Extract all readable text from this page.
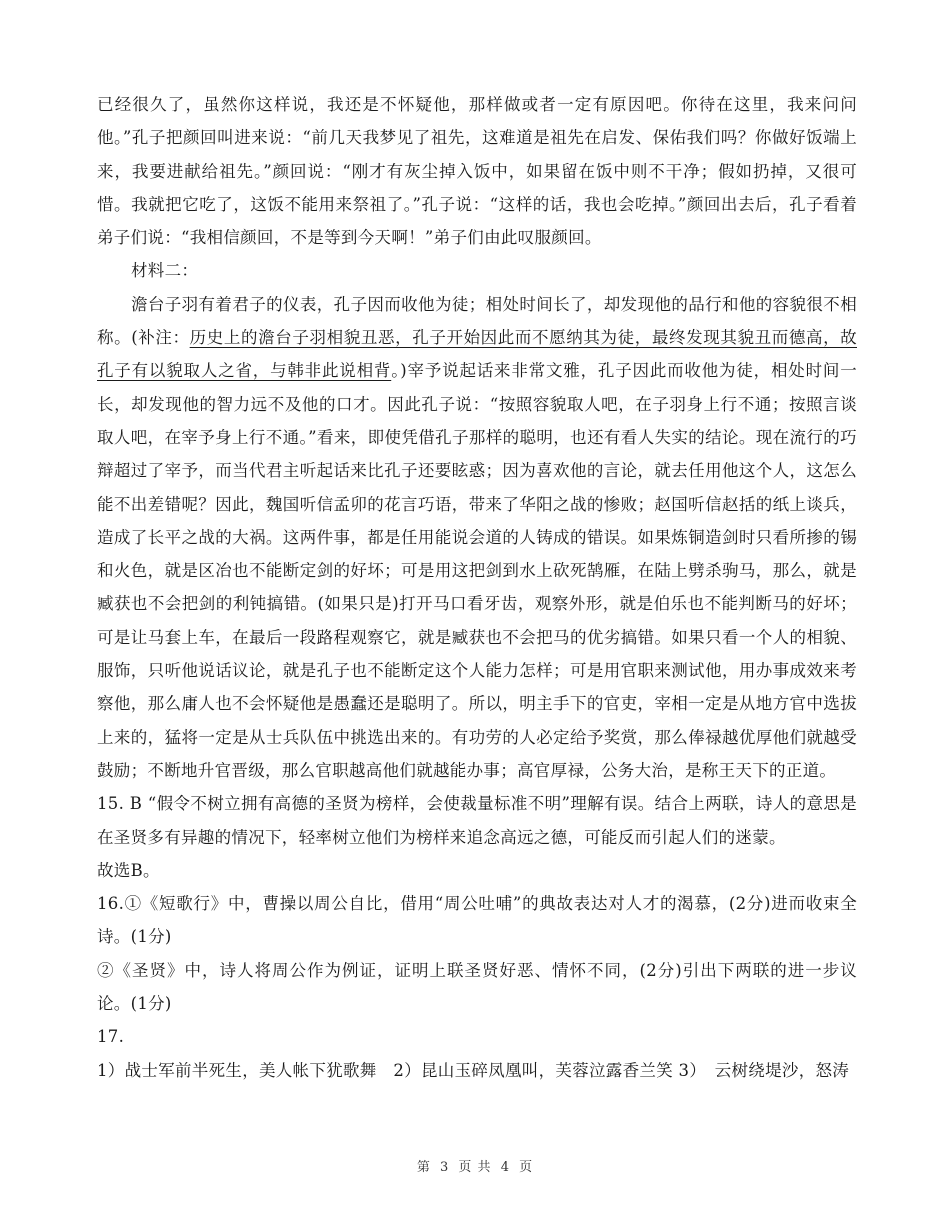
已经很久了，虽然你这样说，我还是不怀疑他，那样做或者一定有原因吧。你待在这里，我来问问他。”孔子把颜回叫进来说：“前几天我梦见了祖先，这难道是祖先在启发、保佑我们吗？你做好饭端上来，我要进献给祖先。”颜回说：“刚才有灰尘掉入饭中，如果留在饭中则不干净；假如扔掉，又很可惜。我就把它吃了，这饭不能用来祭祖了。”孔子说：“这样的话，我也会吃掉。”颜回出去后，孔子看着弟子们说：“我相信颜回，不是等到今天啊！”弟子们由此叹服颜回。

材料二：

澹台子羽有着君子的仪表，孔子因而收他为徒；相处时间长了，却发现他的品行和他的容貌很不相称。(补注：历史上的澹台子羽相貌丑恶，孔子开始因此而不愿纳其为徒，最终发现其貌丑而德高，故孔子有以貌取人之省，与韩非此说相背。)宰予说起话来非常文雅，孔子因此而收他为徒，相处时间一长，却发现他的智力远不及他的口才。因此孔子说：“按照容貌取人吧，在子羽身上行不通；按照言谈取人吧，在宰予身上行不通。”看来，即使凭借孔子那样的聪明，也还有看人失实的结论。现在流行的巧辩超过了宰予，而当代君主听起话来比孔子还要眩惑；因为喜欢他的言论，就去任用他这个人，这怎么能不出差错呢？因此，魏国听信孟卯的花言巧语，带来了华阳之战的惨败；赵国听信赵括的纸上谈兵，造成了长平之战的大祸。这两件事，都是任用能说会道的人铸成的错误。如果炼铜造剑时只看所掺的锡和火色，就是区冶也不能断定剑的好坏；可是用这把剑到水上砍死鹄雁，在陆上劈杀驹马，那么，就是臧获也不会把剑的利钝搞错。(如果只是)打开马口看牙齿，观察外形，就是伯乐也不能判断马的好坏；可是让马套上车，在最后一段路程观察它，就是臧获也不会把马的优劣搞错。如果只看一个人的相貌、服饰，只听他说话议论，就是孔子也不能断定这个人能力怎样；可是用官职来测试他，用办事成效来考察他，那么庸人也不会怀疑他是愚蠢还是聪明了。所以，明主手下的官吏，宰相一定是从地方官中选拔上来的，猛将一定是从士兵队伍中挑选出来的。有功劳的人必定给予奖赏，那么俸禄越优厚他们就越受鼓励；不断地升官晋级，那么官职越高他们就越能办事；高官厚禄，公务大治，是称王天下的正道。

15. B “假令不树立拥有高德的圣贤为榜样，会使裁量标准不明”理解有误。结合上两联，诗人的意思是在圣贤多有异趣的情况下，轻率树立他们为榜样来追念高远之德，可能反而引起人们的迷蒙。

故选B。

16.①《短歌行》中，曹操以周公自比，借用“周公吐哺”的典故表达对人才的渴慕，(2分)进而收束全诗。(1分)

②《圣贤》中，诗人将周公作为例证，证明上联圣贤好恶、情怀不同，(2分)引出下两联的进一步议论。(1分)

17.

1）战士军前半死生，美人帐下犹歌舞　2）昆山玉碎凤凰叫，芙蓉泣露香兰笑 3）　云树绕堤沙，怒涛

第 3 页 共 4 页
